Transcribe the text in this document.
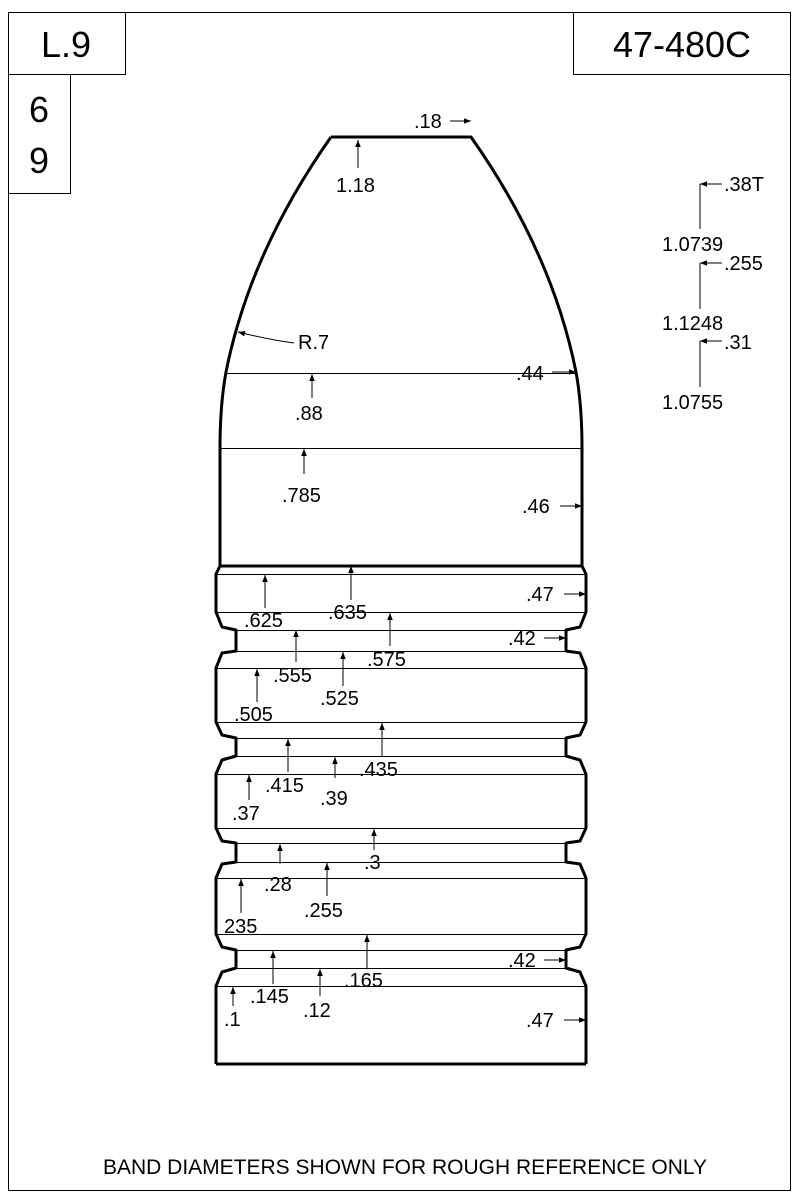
L.9	47-480C
6
9
.18
1.18
R.7
.44
.88
.785	.46
.47
.635
.625
.42
.575
.555
.525
.505
.435
.415
.39
.37
.3
.28
.255
235
.42
.165
.145
.12
.1	.47
.38T
1.0739
.255
1.1248
.31
1.0755
BAND DIAMETERS SHOWN FOR ROUGH REFERENCE ONLY
